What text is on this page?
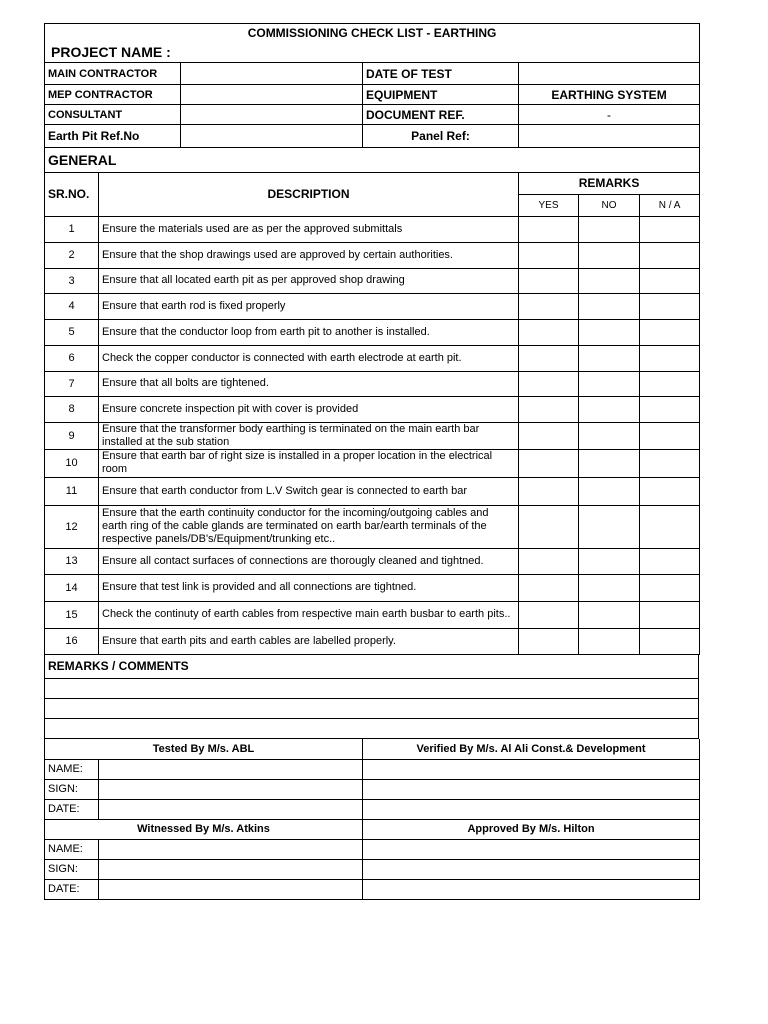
COMMISSIONING CHECK LIST - EARTHING
PROJECT NAME :			

MAIN CONTRACTOR		DATE OF TEST	
MEP CONTRACTOR		EQUIPMENT	EARTHING SYSTEM
CONSULTANT		DOCUMENT REF.	-
Earth Pit Ref.No		Panel Ref:	
GENERAL				
SR.NO.	DESCRIPTION	REMARKS		
		YES	NO	N / A
1	Ensure the materials used are as per the approved submittals			
2	Ensure that the shop drawings used are approved by certain authorities.			
3	Ensure that all located earth pit as per approved shop drawing			
4	Ensure that earth rod is fixed properly			
5	Ensure that the conductor loop from earth pit to another is installed.			
6	Check the copper conductor is connected with earth electrode at earth pit.			
7	Ensure that all bolts are tightened.			
8	Ensure concrete inspection pit with cover is provided			
9	Ensure that the transformer body earthing is terminated on the main earth bar installed at the sub station			
10	Ensure that earth bar of right size is installed in a proper location in the electrical room			
11	Ensure that earth conductor from L.V Switch gear is connected to earth bar			
12	Ensure that the earth continuity conductor for the incoming/outgoing cables and earth ring of the cable glands are terminated on earth bar/earth terminals of the respective panels/DB's/Equipment/trunking etc..			
13	Ensure all contact surfaces of connections are thorougly cleaned and tightned.			
14	Ensure that test link is provided and all connections are tightned.			
15	Check the continuty of earth cables from respective main earth busbar to earth pits..			
16	Ensure that earth pits and earth cables are labelled properly.			
REMARKS / COMMENTS

Tested By M/s. ABL		Verified By M/s. Al Ali Const.& Development
NAME:		
SIGN:		
DATE:		
Witnessed By M/s. Atkins		Approved By M/s. Hilton
NAME:		
SIGN:		
DATE:		
